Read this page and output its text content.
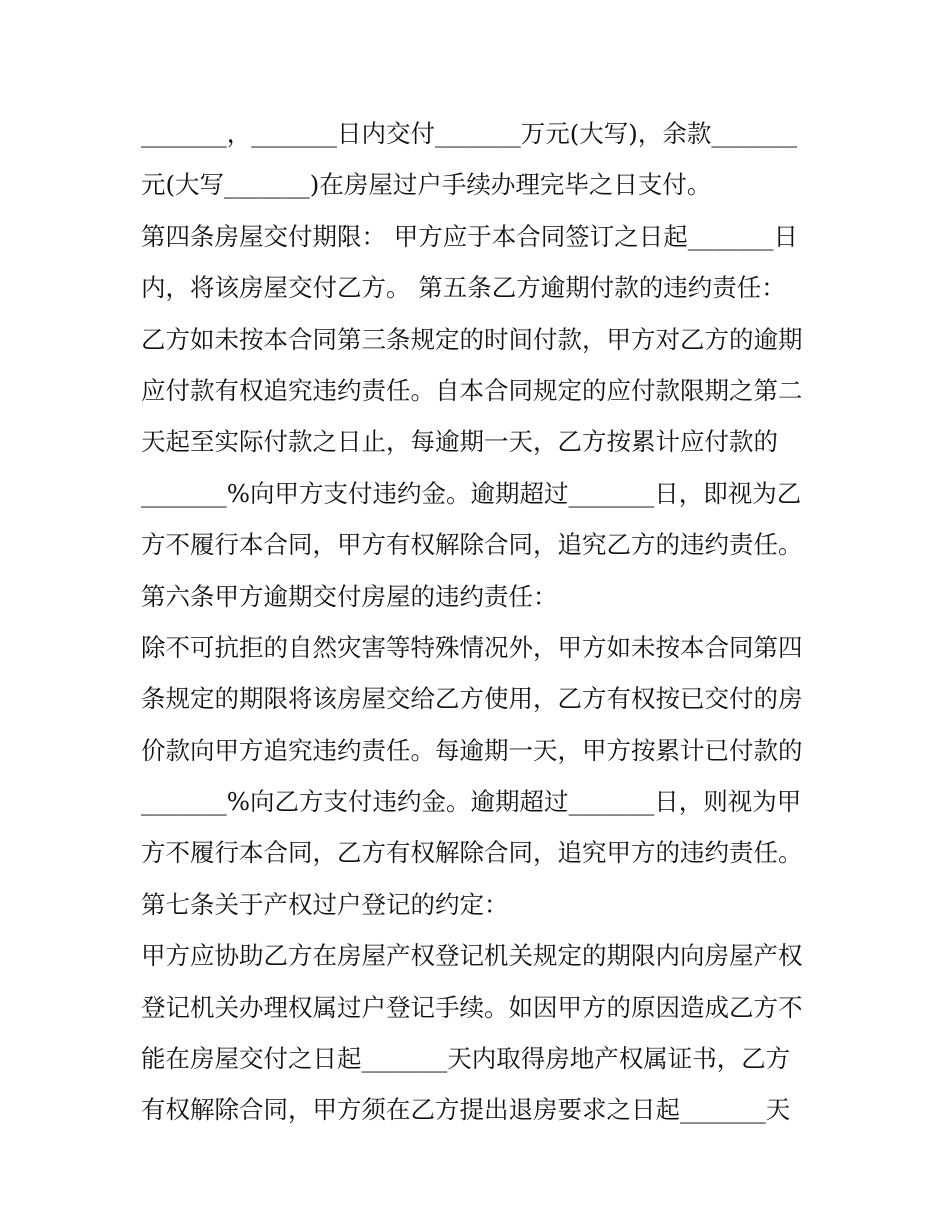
_______，_______日内交付_______万元(大写)，余款_______
元(大写_______)在房屋过户手续办理完毕之日支付。
第四条房屋交付期限： 甲方应于本合同签订之日起_______日
内，将该房屋交付乙方。 第五条乙方逾期付款的违约责任：
乙方如未按本合同第三条规定的时间付款，甲方对乙方的逾期
应付款有权追究违约责任。自本合同规定的应付款限期之第二
天起至实际付款之日止，每逾期一天，乙方按累计应付款的
_______%向甲方支付违约金。逾期超过_______日，即视为乙
方不履行本合同，甲方有权解除合同，追究乙方的违约责任。
第六条甲方逾期交付房屋的违约责任：
除不可抗拒的自然灾害等特殊情况外，甲方如未按本合同第四
条规定的期限将该房屋交给乙方使用，乙方有权按已交付的房
价款向甲方追究违约责任。每逾期一天，甲方按累计已付款的
_______%向乙方支付违约金。逾期超过_______日，则视为甲
方不履行本合同，乙方有权解除合同，追究甲方的违约责任。
第七条关于产权过户登记的约定：
甲方应协助乙方在房屋产权登记机关规定的期限内向房屋产权
登记机关办理权属过户登记手续。如因甲方的原因造成乙方不
能在房屋交付之日起_______天内取得房地产权属证书，乙方
有权解除合同，甲方须在乙方提出退房要求之日起_______天
